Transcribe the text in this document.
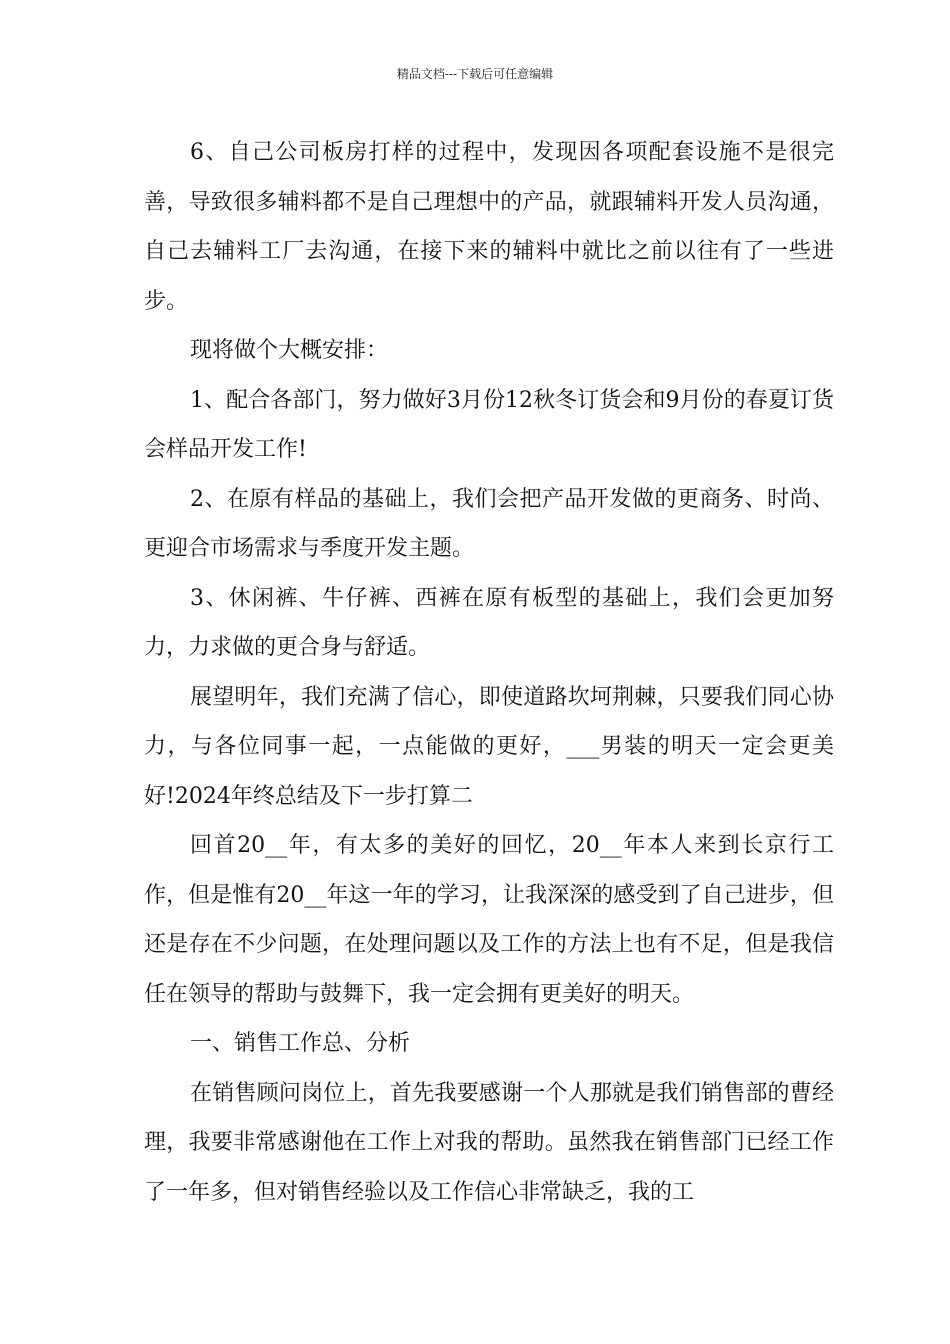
精品文档---下载后可任意编辑

6、自己公司板房打样的过程中，发现因各项配套设施不是很完善，导致很多辅料都不是自己理想中的产品，就跟辅料开发人员沟通，自己去辅料工厂去沟通，在接下来的辅料中就比之前以往有了一些进步。

现将做个大概安排：

1、配合各部门，努力做好3月份12秋冬订货会和9月份的春夏订货会样品开发工作!

2、在原有样品的基础上，我们会把产品开发做的更商务、时尚、更迎合市场需求与季度开发主题。

3、休闲裤、牛仔裤、西裤在原有板型的基础上，我们会更加努力，力求做的更合身与舒适。

展望明年，我们充满了信心，即使道路坎坷荆棘，只要我们同心协力，与各位同事一起，一点能做的更好，___男装的明天一定会更美好!2024年终总结及下一步打算二

回首20__年，有太多的美好的回忆，20__年本人来到长京行工作，但是惟有20__年这一年的学习，让我深深的感受到了自己进步，但还是存在不少问题，在处理问题以及工作的方法上也有不足，但是我信任在领导的帮助与鼓舞下，我一定会拥有更美好的明天。

一、销售工作总、分析

在销售顾问岗位上，首先我要感谢一个人那就是我们销售部的曹经理，我要非常感谢他在工作上对我的帮助。虽然我在销售部门已经工作了一年多，但对销售经验以及工作信心非常缺乏，我的工
